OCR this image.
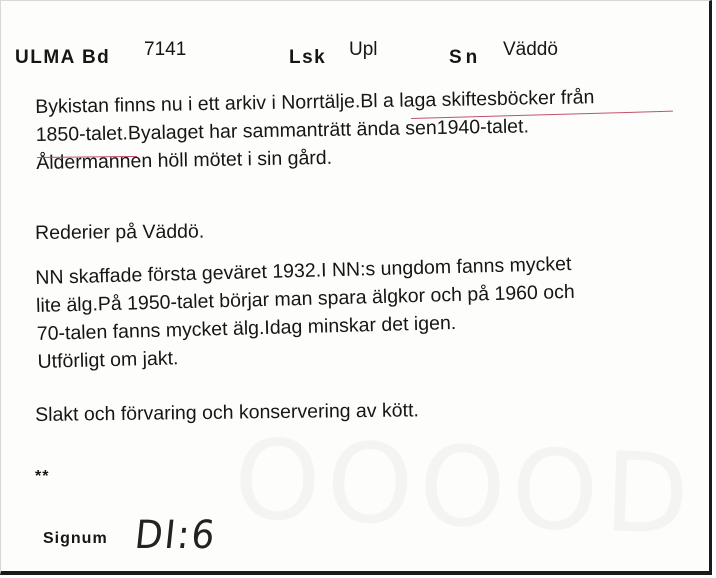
ULMA Bd 7141	Lsk Upl	Sn Väddö
Bykistan finns nu i ett arkiv i Norrtälje.Bl a laga skiftesböcker från
1850-talet.Byalaget har sammanträtt ända sen1940-talet.
Åldermannen höll mötet i sin gård.
Rederier på Väddö.
NN skaffade första geväret 1932.I NN:s ungdom fanns mycket
lite älg.På 1950-talet börjar man spara älgkor och på 1960 och
70-talen fanns mycket älg.Idag minskar det igen.
Utförligt om jakt.
Slakt och förvaring och konservering av kött.
**
Signum DI:6
